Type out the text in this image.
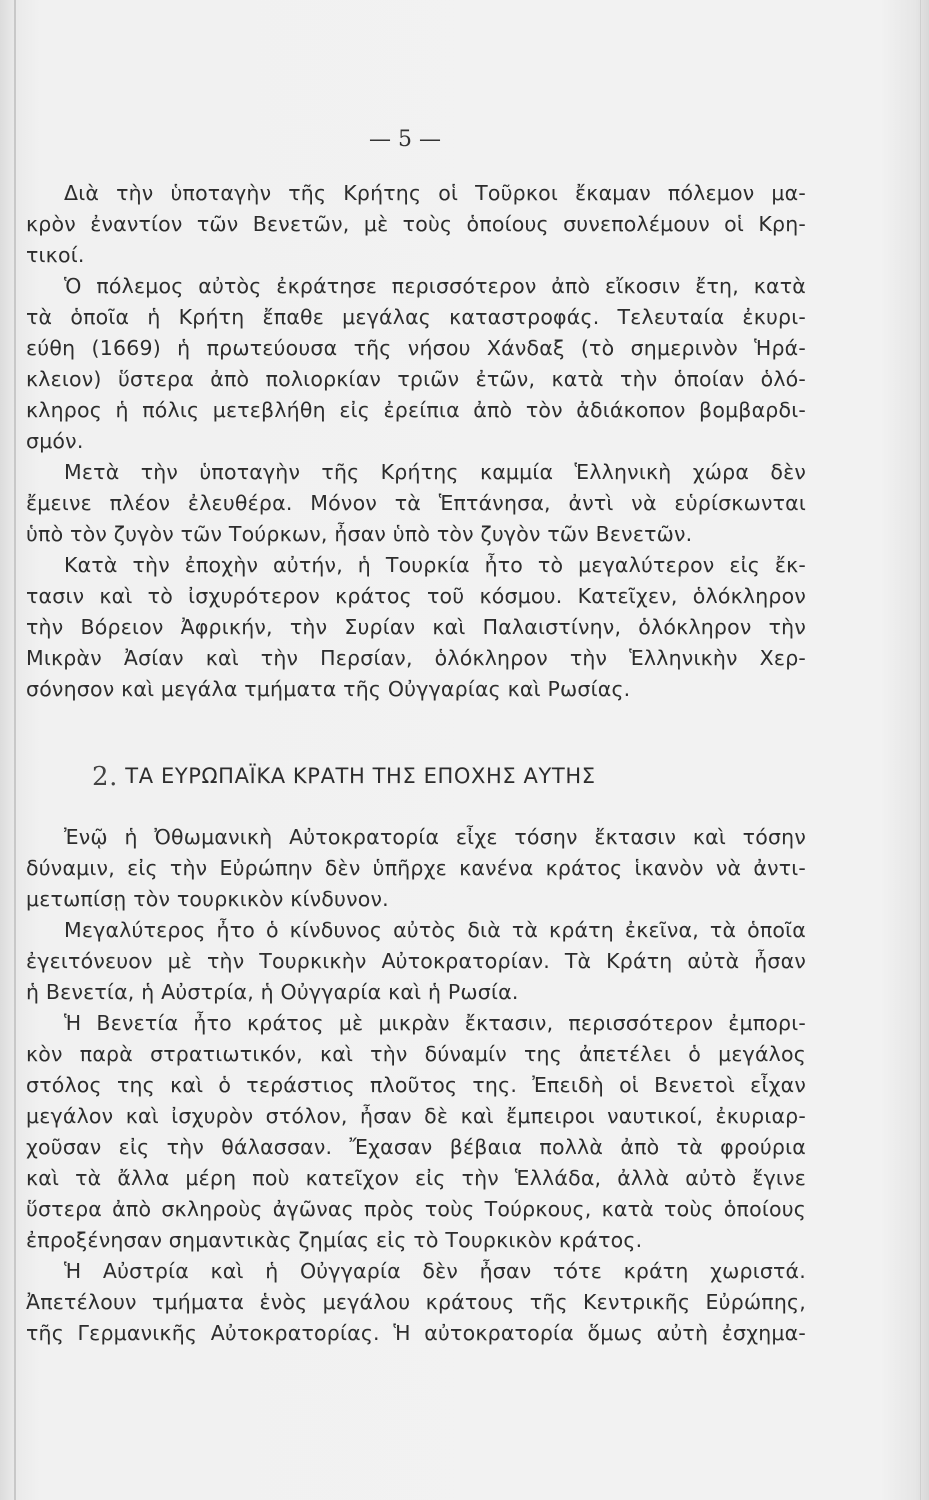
— 5 —
Διὰ τὴν ὑποταγὴν τῆς Κρήτης οἱ Τοῦρκοι ἔκαμαν πόλεμον μα-
κρὸν ἐναντίον τῶν Βενετῶν, μὲ τοὺς ὁποίους συνεπολέμουν οἱ Κρη-
τικοί.
Ὁ πόλεμος αὐτὸς ἐκράτησε περισσότερον ἀπὸ εἴκοσιν ἔτη, κατὰ
τὰ ὁποῖα ἡ Κρήτη ἔπαθε μεγάλας καταστροφάς. Τελευταία ἐκυρι-
εύθη (1669) ἡ πρωτεύουσα τῆς νήσου Χάνδαξ (τὸ σημερινὸν Ἡρά-
κλειον) ὕστερα ἀπὸ πολιορκίαν τριῶν ἐτῶν, κατὰ τὴν ὁποίαν ὁλό-
κληρος ἡ πόλις μετεβλήθη εἰς ἐρείπια ἀπὸ τὸν ἀδιάκοπον βομβαρδι-
σμόν.
Μετὰ τὴν ὑποταγὴν τῆς Κρήτης καμμία Ἑλληνικὴ χώρα δὲν
ἔμεινε πλέον ἐλευθέρα. Μόνον τὰ Ἑπτάνησα, ἀντὶ νὰ εὑρίσκωνται
ὑπὸ τὸν ζυγὸν τῶν Τούρκων, ἦσαν ὑπὸ τὸν ζυγὸν τῶν Βενετῶν.
Κατὰ τὴν ἐποχὴν αὐτήν, ἡ Τουρκία ἦτο τὸ μεγαλύτερον εἰς ἔκ-
τασιν καὶ τὸ ἰσχυρότερον κράτος τοῦ κόσμου. Κατεῖχεν, ὁλόκληρον
τὴν Βόρειον Ἀφρικήν, τὴν Συρίαν καὶ Παλαιστίνην, ὁλόκληρον τὴν
Μικρὰν Ἀσίαν καὶ τὴν Περσίαν, ὁλόκληρον τὴν Ἑλληνικὴν Χερ-
σόνησον καὶ μεγάλα τμήματα τῆς Οὐγγαρίας καὶ Ρωσίας.
2. ΤΑ ΕΥΡΩΠΑΪΚΑ ΚΡΑΤΗ ΤΗΣ ΕΠΟΧΗΣ ΑΥΤΗΣ
Ἐνῷ ἡ Ὀθωμανικὴ Αὐτοκρατορία εἶχε τόσην ἔκτασιν καὶ τόσην
δύναμιν, εἰς τὴν Εὐρώπην δὲν ὑπῆρχε κανένα κράτος ἱκανὸν νὰ ἀντι-
μετωπίσῃ τὸν τουρκικὸν κίνδυνον.
Μεγαλύτερος ἦτο ὁ κίνδυνος αὐτὸς διὰ τὰ κράτη ἐκεῖνα, τὰ ὁποῖα
ἐγειτόνευον μὲ τὴν Τουρκικὴν Αὐτοκρατορίαν. Τὰ Κράτη αὐτὰ ἦσαν
ἡ Βενετία, ἡ Αὐστρία, ἡ Οὐγγαρία καὶ ἡ Ρωσία.
Ἡ Βενετία ἦτο κράτος μὲ μικρὰν ἔκτασιν, περισσότερον ἐμπορι-
κὸν παρὰ στρατιωτικόν, καὶ τὴν δύναμίν της ἀπετέλει ὁ μεγάλος
στόλος της καὶ ὁ τεράστιος πλοῦτος της. Ἐπειδὴ οἱ Βενετοὶ εἶχαν
μεγάλον καὶ ἰσχυρὸν στόλον, ἦσαν δὲ καὶ ἔμπειροι ναυτικοί, ἐκυριαρ-
χοῦσαν εἰς τὴν θάλασσαν. Ἔχασαν βέβαια πολλὰ ἀπὸ τὰ φρούρια
καὶ τὰ ἄλλα μέρη ποὺ κατεῖχον εἰς τὴν Ἑλλάδα, ἀλλὰ αὐτὸ ἔγινε
ὕστερα ἀπὸ σκληροὺς ἀγῶνας πρὸς τοὺς Τούρκους, κατὰ τοὺς ὁποίους
ἐπροξένησαν σημαντικὰς ζημίας εἰς τὸ Τουρκικὸν κράτος.
Ἡ Αὐστρία καὶ ἡ Οὐγγαρία δὲν ἦσαν τότε κράτη χωριστά.
Ἀπετέλουν τμήματα ἑνὸς μεγάλου κράτους τῆς Κεντρικῆς Εὐρώπης,
τῆς Γερμανικῆς Αὐτοκρατορίας. Ἡ αὐτοκρατορία ὅμως αὐτὴ ἐσχημα-
